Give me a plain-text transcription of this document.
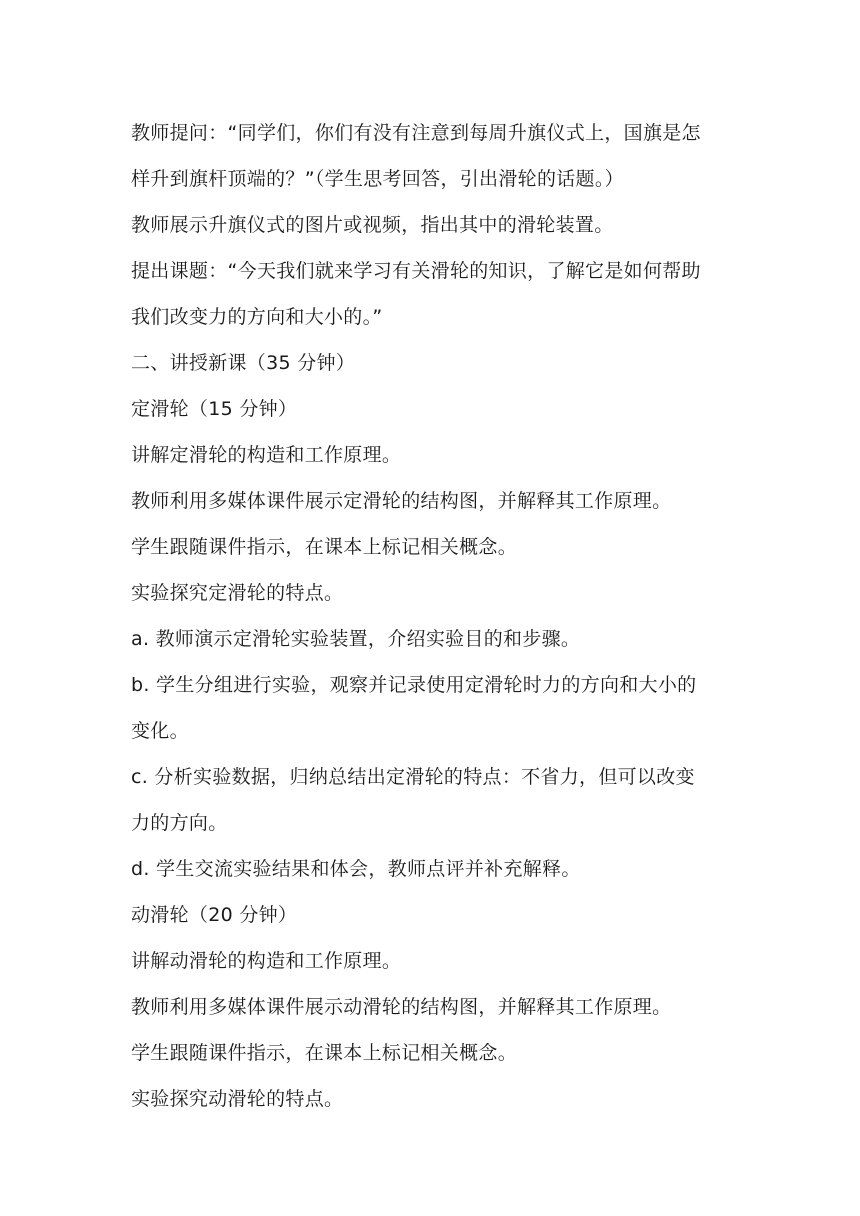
教师提问：“同学们，你们有没有注意到每周升旗仪式上，国旗是怎
样升到旗杆顶端的？”（学生思考回答，引出滑轮的话题。）
教师展示升旗仪式的图片或视频，指出其中的滑轮装置。
提出课题：“今天我们就来学习有关滑轮的知识，了解它是如何帮助
我们改变力的方向和大小的。”
二、讲授新课（35 分钟）
定滑轮（15 分钟）
讲解定滑轮的构造和工作原理。
教师利用多媒体课件展示定滑轮的结构图，并解释其工作原理。
学生跟随课件指示，在课本上标记相关概念。
实验探究定滑轮的特点。
a. 教师演示定滑轮实验装置，介绍实验目的和步骤。
b. 学生分组进行实验，观察并记录使用定滑轮时力的方向和大小的
变化。
c. 分析实验数据，归纳总结出定滑轮的特点：不省力，但可以改变
力的方向。
d. 学生交流实验结果和体会，教师点评并补充解释。
动滑轮（20 分钟）
讲解动滑轮的构造和工作原理。
教师利用多媒体课件展示动滑轮的结构图，并解释其工作原理。
学生跟随课件指示，在课本上标记相关概念。
实验探究动滑轮的特点。
